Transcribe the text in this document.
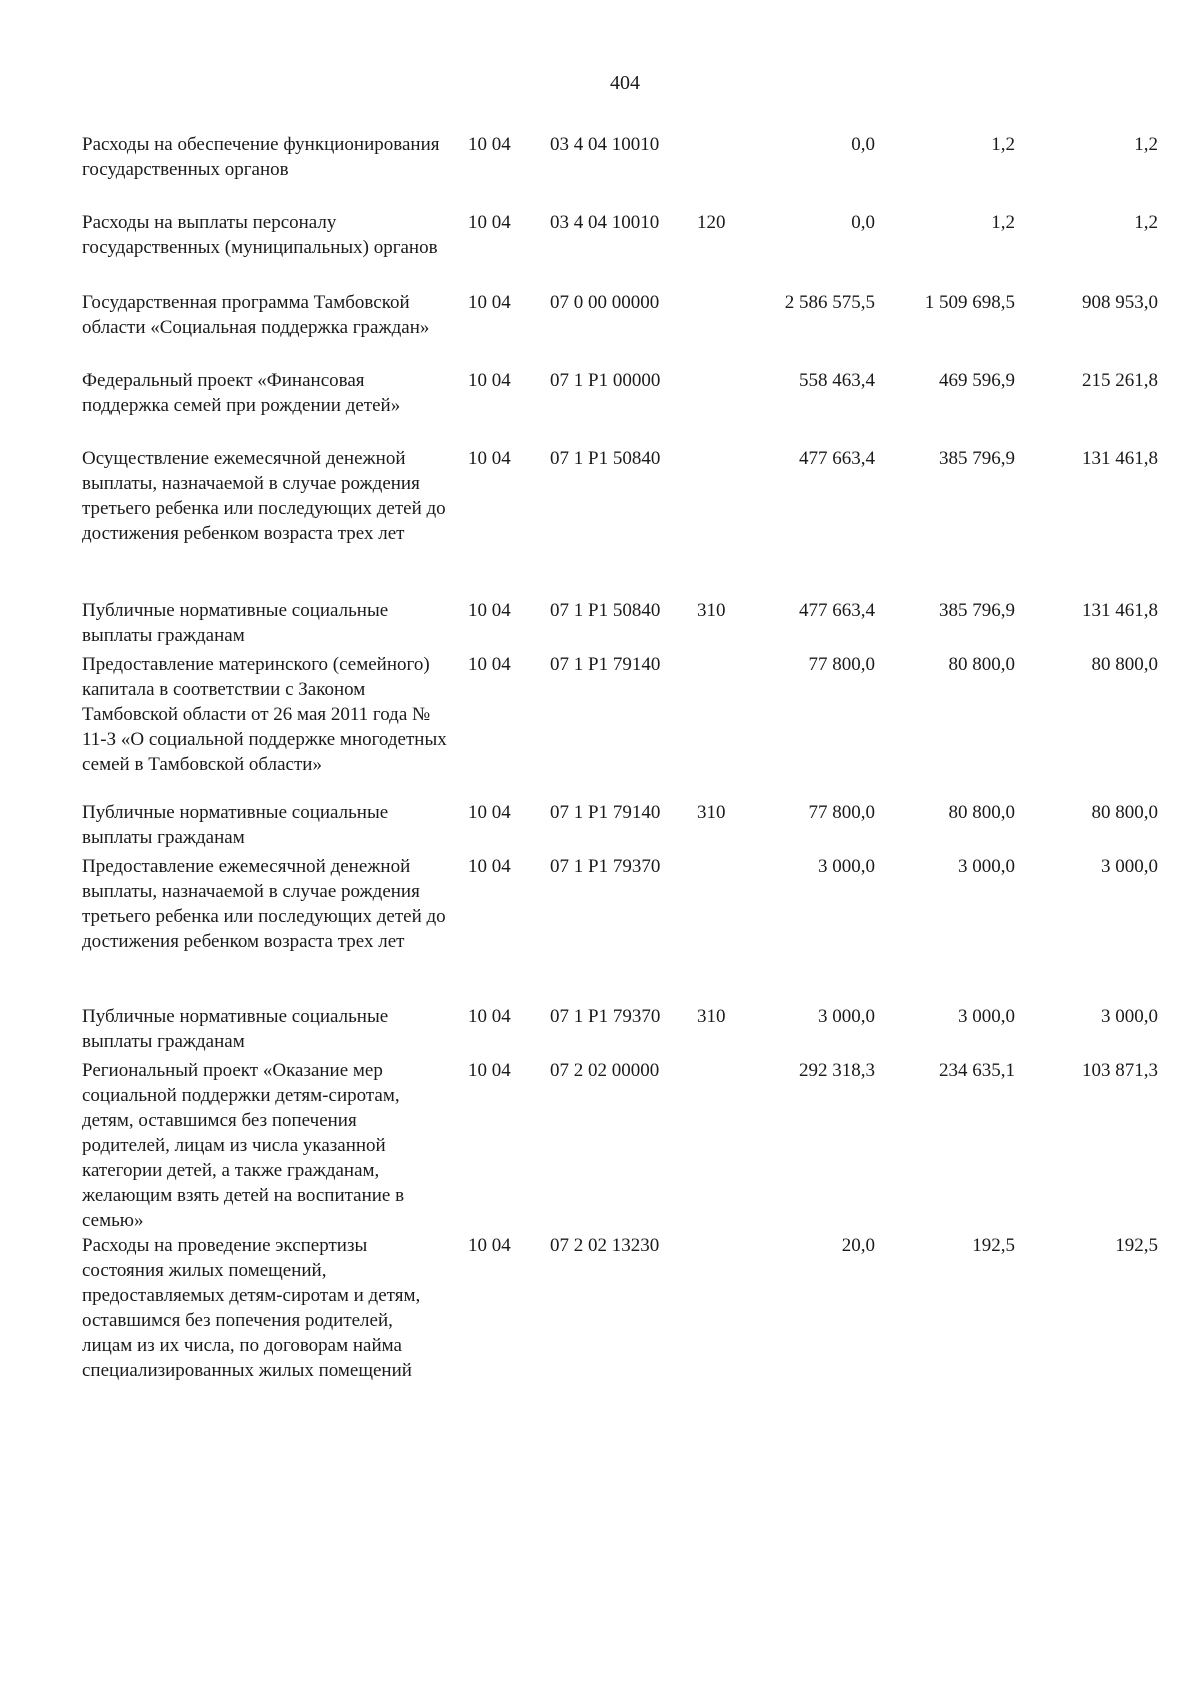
404
Расходы на обеспечение функционирования государственных органов
10 04	03 4 04 10010	0,0	1,2	1,2
Расходы на выплаты персоналу государственных (муниципальных) органов
10 04	03 4 04 10010	120	0,0	1,2	1,2
Государственная программа Тамбовской области «Социальная поддержка граждан»
10 04	07 0 00 00000	2 586 575,5	1 509 698,5	908 953,0
Федеральный проект «Финансовая поддержка семей при рождении детей»
10 04	07 1 P1 00000	558 463,4	469 596,9	215 261,8
Осуществление ежемесячной денежной выплаты, назначаемой в случае рождения третьего ребенка или последующих детей до достижения ребенком возраста трех лет
10 04	07 1 P1 50840	477 663,4	385 796,9	131 461,8
Публичные нормативные социальные выплаты гражданам
10 04	07 1 P1 50840	310	477 663,4	385 796,9	131 461,8
Предоставление материнского (семейного) капитала в соответствии с Законом Тамбовской области от 26 мая 2011 года № 11-З «О социальной поддержке многодетных семей в Тамбовской области»
10 04	07 1 P1 79140	77 800,0	80 800,0	80 800,0
Публичные нормативные социальные выплаты гражданам
10 04	07 1 P1 79140	310	77 800,0	80 800,0	80 800,0
Предоставление ежемесячной денежной выплаты, назначаемой в случае рождения третьего ребенка или последующих детей до достижения ребенком возраста трех лет
10 04	07 1 P1 79370	3 000,0	3 000,0	3 000,0
Публичные нормативные социальные выплаты гражданам
10 04	07 1 P1 79370	310	3 000,0	3 000,0	3 000,0
Региональный проект «Оказание мер социальной поддержки детям-сиротам, детям, оставшимся без попечения родителей, лицам из числа указанной категории детей, а также гражданам, желающим взять детей на воспитание в семью»
10 04	07 2 02 00000	292 318,3	234 635,1	103 871,3
Расходы на проведение экспертизы состояния жилых помещений, предоставляемых детям-сиротам и детям, оставшимся без попечения родителей, лицам из их числа, по договорам найма специализированных жилых помещений
10 04	07 2 02 13230	20,0	192,5	192,5
